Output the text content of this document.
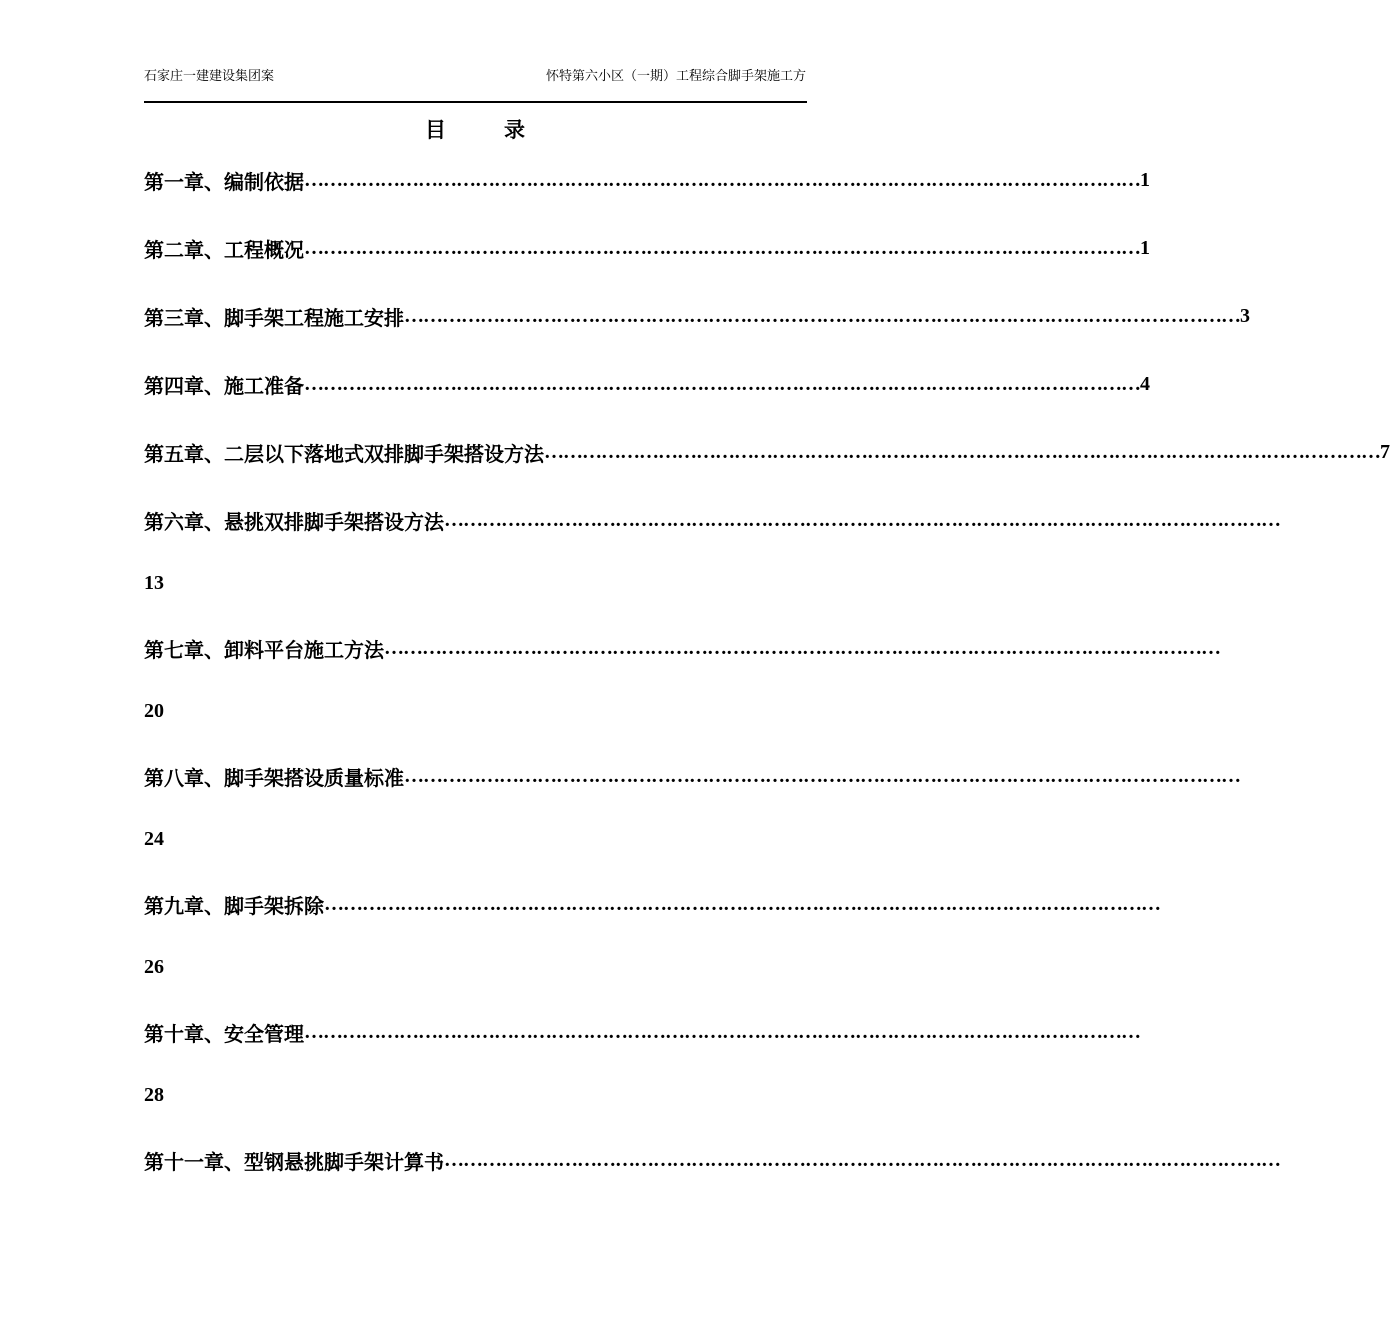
石家庄一建建设集团案	怀特第六小区（一期）工程综合脚手架施工方
目	录
第一章、编制依据 …………………………………………………………………………………………………………………… 1
第二章、工程概况 …………………………………………………………………………………………………………………… 1
第三章、脚手架工程施工安排 …………………………………………………………………………………………………………………… 3
第四章、施工准备 …………………………………………………………………………………………………………………… 4
第五章、二层以下落地式双排脚手架搭设方法 …………………………………………………………………………………………………………………… 7
第六章、悬挑双排脚手架搭设方法 ……………………………………………………………………………………………………………………
13
第七章、卸料平台施工方法 ……………………………………………………………………………………………………………………
20
第八章、脚手架搭设质量标准 ……………………………………………………………………………………………………………………
24
第九章、脚手架拆除 ……………………………………………………………………………………………………………………
26
第十章、安全管理 ……………………………………………………………………………………………………………………
28
第十一章、型钢悬挑脚手架计算书 ……………………………………………………………………………………………………………………
